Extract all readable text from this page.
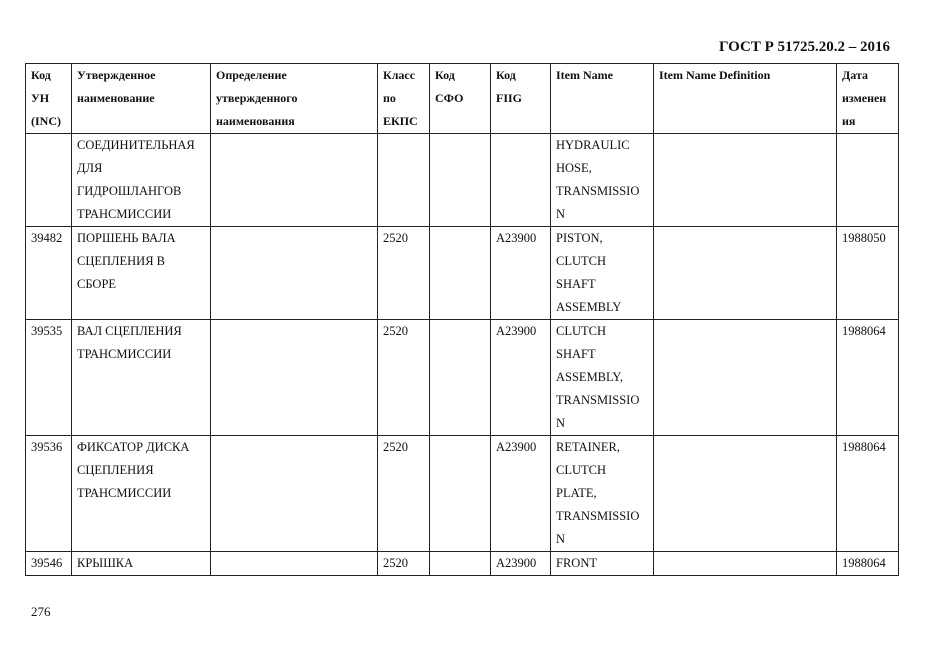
ГОСТ Р 51725.20.2 – 2016
Код
УН
(INC)	Утвержденное
наименование	Определение
утвержденного
наименования	Класс
по
ЕКПС	Код
СФО	Код
FIIG	Item Name	Item Name Definition	Дата
изменен
ия

	СОЕДИНИТЕЛЬНАЯ
ДЛЯ
ГИДРОШЛАНГОВ
ТРАНСМИССИИ					HYDRAULIC
HOSE,
TRANSMISSIO
N		

39482	ПОРШЕНЬ ВАЛА
СЦЕПЛЕНИЯ В
СБОРЕ		2520		A23900	PISTON,
CLUTCH
SHAFT
ASSEMBLY		1988050

39535	ВАЛ СЦЕПЛЕНИЯ
ТРАНСМИССИИ		2520		A23900	CLUTCH
SHAFT
ASSEMBLY,
TRANSMISSIO
N		1988064

39536	ФИКСАТОР ДИСКА
СЦЕПЛЕНИЯ
ТРАНСМИССИИ		2520		A23900	RETAINER,
CLUTCH
PLATE,
TRANSMISSIO
N		1988064

39546	КРЫШКА		2520		A23900	FRONT		1988064
276
